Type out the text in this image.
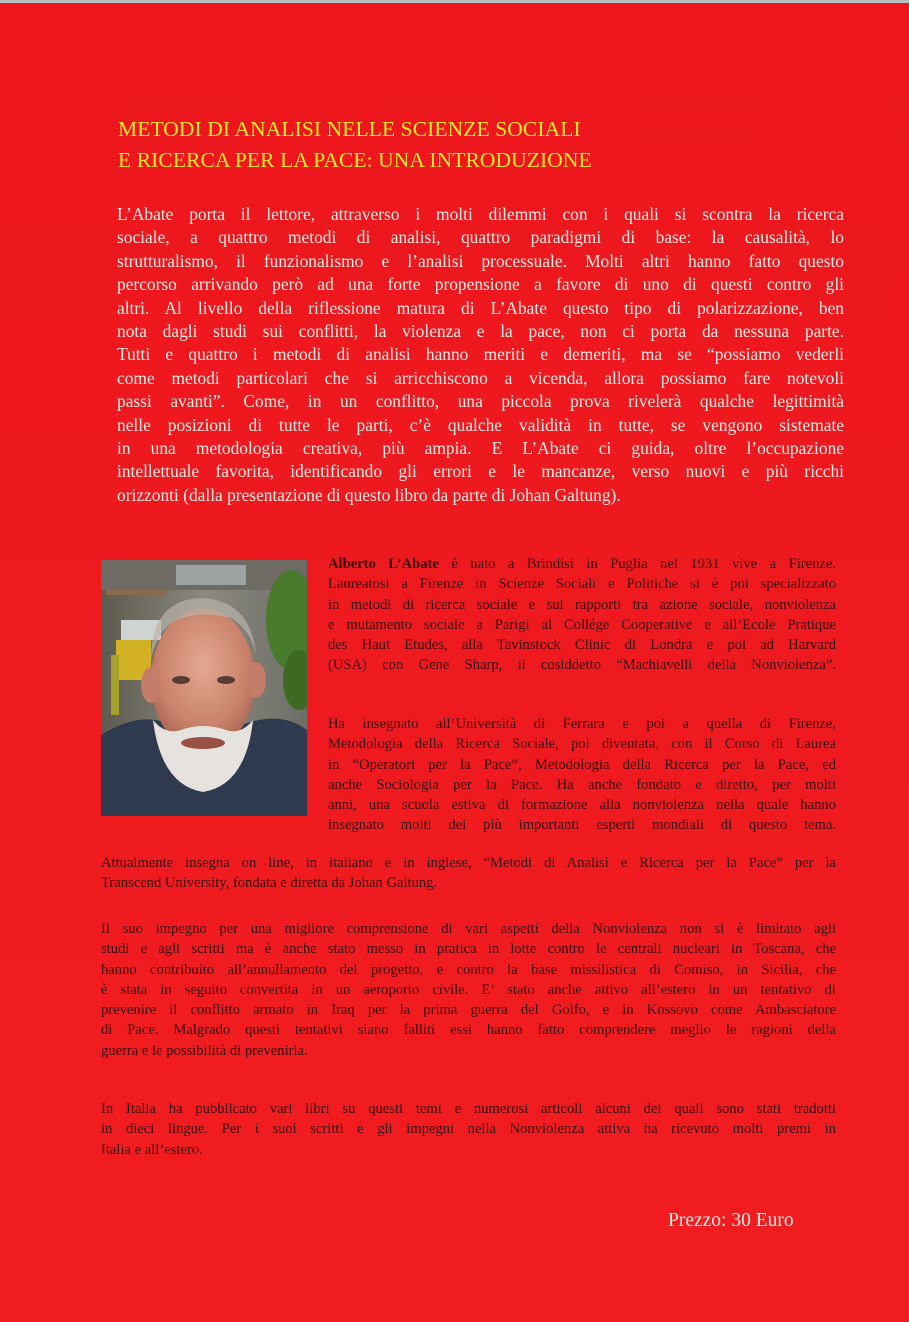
METODI DI ANALISI NELLE SCIENZE SOCIALI
E RICERCA PER LA PACE: UNA INTRODUZIONE

L’Abate porta il lettore, attraverso i molti dilemmi con i quali si scontra la ricerca
sociale, a quattro metodi di analisi, quattro paradigmi di base: la causalità, lo
strutturalismo, il funzionalismo e l’analisi processuale. Molti altri hanno fatto questo
percorso arrivando però ad una forte propensione a favore di uno di questi contro gli
altri. Al livello della riflessione matura di L’Abate questo tipo di polarizzazione, ben
nota dagli studi sui conflitti, la violenza e la pace, non ci porta da nessuna parte.
Tutti e quattro i metodi di analisi hanno meriti e demeriti, ma se “possiamo vederli
come metodi particolari che si arricchiscono a vicenda, allora possiamo fare notevoli
passi avanti”. Come, in un conflitto, una piccola prova rivelerà qualche legittimità
nelle posizioni di tutte le parti, c’è qualche validità in tutte, se vengono sistemate
in una metodologia creativa, più ampia. E L’Abate ci guida, oltre l’occupazione
intellettuale favorita, identificando gli errori e le mancanze, verso nuovi e più ricchi
orizzonti (dalla presentazione di questo libro da parte di Johan Galtung).

Alberto L’Abate è nato a Brindisi in Puglia nel 1931 vive a Firenze.
Laureatosi a Firenze in Scienze Sociali e Politiche si è poi specializzato
in metodi di ricerca sociale e sui rapporti tra azione sociale, nonviolenza
e mutamento sociale a Parigi al Collége Cooperative e all’Ecole Pratique
des Haut Etudes, alla Tavinstock Clinic di Londra e poi ad Harvard
(USA) con Gene Sharp, il cosiddetto “Machiavelli della Nonviolenza”.

Ha insegnato all’Università di Ferrara e poi a quella di Firenze,
Metodologia della Ricerca Sociale, poi diventata, con il Corso di Laurea
in “Operatori per la Pace”, Metodologia della Ricerca per la Pace, ed
anche Sociologia per la Pace. Ha anche fondato e diretto, per molti
anni, una scuola estiva di formazione alla nonviolenza nella quale hanno
insegnato molti dei più importanti esperti mondiali di questo tema.

Attualmente insegna on line, in italiano e in inglese, “Metodi di Analisi e Ricerca per la Pace” per la
Transcend University, fondata e diretta da Johan Galtung.

Il suo impegno per una migliore comprensione di vari aspetti della Nonviolenza non si è limitato agli
studi e agli scritti ma è anche stato messo in pratica in lotte contro le centrali nucleari in Toscana, che
hanno contribuito all’annullamento del progetto, e contro la base missilistica di Comiso, in Sicilia, che
è stata in seguito convertita in un aeroporto civile. E’ stato anche attivo all’estero in un tentativo di
prevenire il conflitto armato in Iraq per la prima guerra del Golfo, e in Kossovo come Ambasciatore
di Pace. Malgrado questi tentativi siano falliti essi hanno fatto comprendere meglio le ragioni della
guerra e le possibilità di prevenirla.

In Italia ha pubblicato vari libri su questi temi e numerosi articoli alcuni dei quali sono stati tradotti
in dieci lingue. Per i suoi scritti e gli impegni nella Nonviolenza attiva ha ricevuto molti premi in
Italia e all’estero.

Prezzo: 30 Euro
